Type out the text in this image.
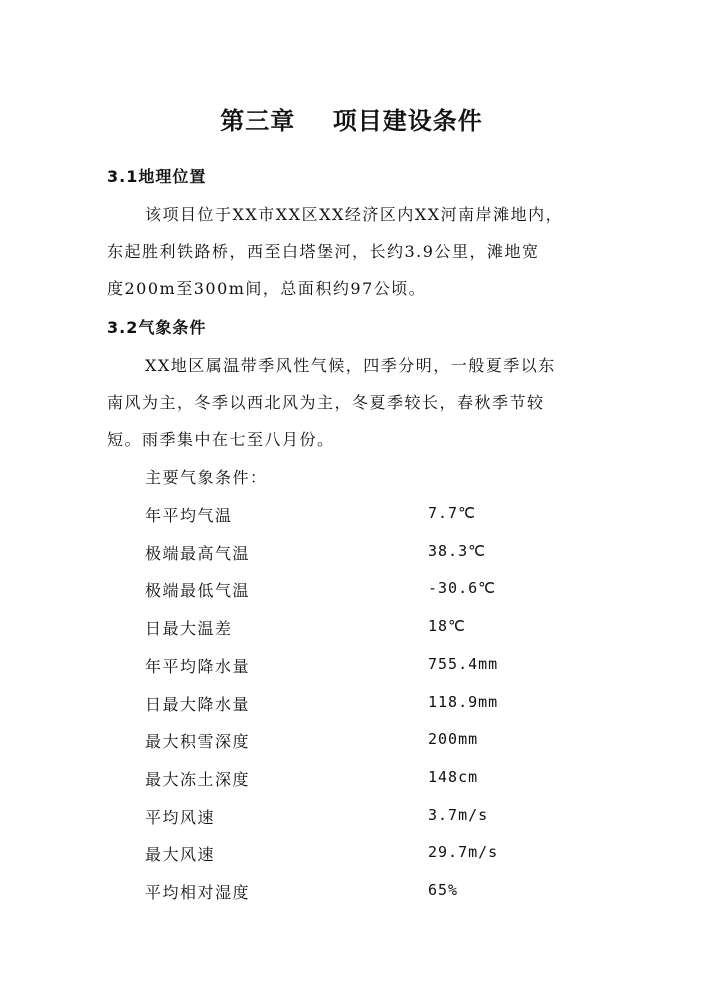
第三章    项目建设条件
3.1地理位置
该项目位于XX市XX区XX经济区内XX河南岸滩地内，
东起胜利铁路桥，西至白塔堡河，长约3.9公里，滩地宽
度200m至300m间，总面积约97公顷。
3.2气象条件
XX地区属温带季风性气候，四季分明，一般夏季以东
南风为主，冬季以西北风为主，冬夏季较长，春秋季节较
短。雨季集中在七至八月份。
主要气象条件：
年平均气温	7.7℃
极端最高气温	38.3℃
极端最低气温	-30.6℃
日最大温差	18℃
年平均降水量	755.4mm
日最大降水量	118.9mm
最大积雪深度	200mm
最大冻土深度	148cm
平均风速	3.7m/s
最大风速	29.7m/s
平均相对湿度	65%
